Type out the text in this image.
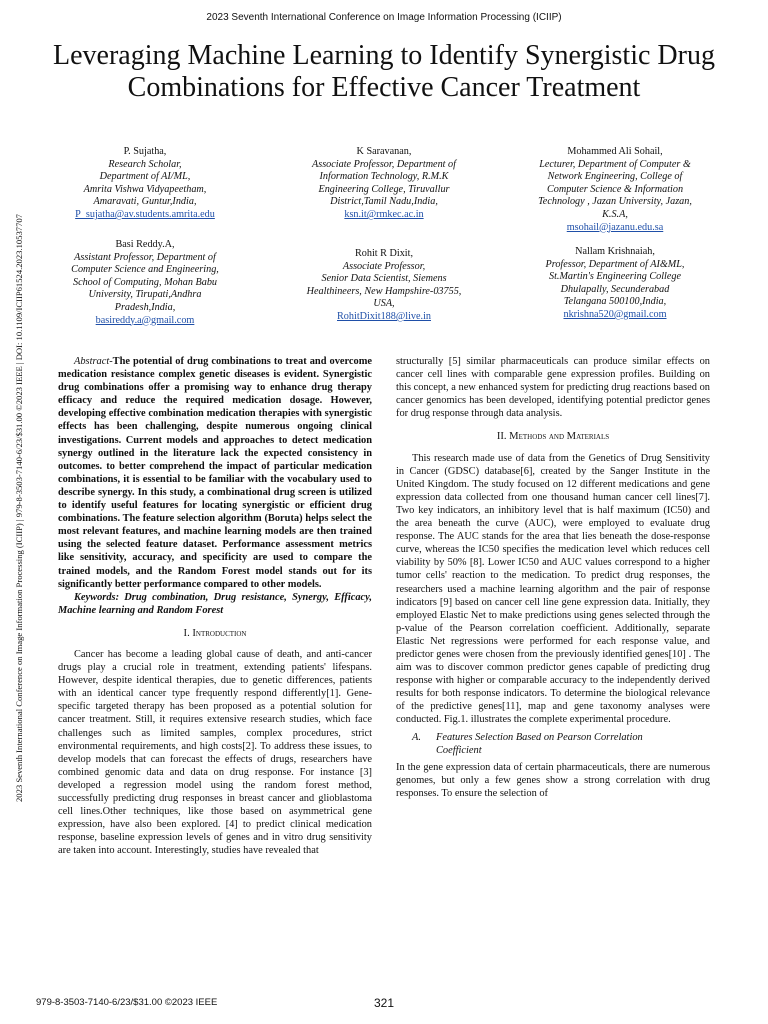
2023 Seventh International Conference on Image Information Processing (ICIIP)
Leveraging Machine Learning to Identify Synergistic Drug Combinations for Effective Cancer Treatment
2023 Seventh International Conference on Image Information Processing (ICIIP) | 979-8-3503-7140-6/23/$31.00 ©2023 IEEE | DOI: 10.1109/ICIIP61524.2023.10537707
P. Sujatha,
Research Scholar,
Department of AI/ML,
Amrita Vishwa Vidyapeetham,
Amaravati, Guntur,India,
P_sujatha@av.students.amrita.edu
K Saravanan,
Associate Professor, Department of
Information Technology, R.M.K
Engineering College, Tiruvallur
District,Tamil Nadu,India,
ksn.it@rmkec.ac.in
Mohammed Ali Sohail,
Lecturer, Department of Computer &
Network Engineering, College of
Computer Science & Information
Technology , Jazan University, Jazan,
K.S.A,
msohail@jazanu.edu.sa
Basi Reddy.A,
Assistant Professor, Department of
Computer Science and Engineering,
School of Computing, Mohan Babu
University, Tirupati,Andhra
Pradesh,India,
basireddy.a@gmail.com
Rohit R Dixit,
Associate Professor,
Senior Data Scientist, Siemens
Healthineers, New Hampshire-03755,
USA,
RohitDixit188@live.in
Nallam Krishnaiah,
Professor, Department of AI&ML,
St.Martin's Engineering College
Dhulapally, Secunderabad
Telangana 500100,India,
nkrishna520@gmail.com

Abstract-The potential of drug combinations to treat and overcome medication resistance complex genetic diseases is evident. Synergistic drug combinations offer a promising way to enhance drug therapy efficacy and reduce the required medication dosage. However, developing effective combination medication therapies with synergistic effects has been challenging, despite numerous ongoing clinical investigations. Current models and approaches to detect medication synergy outlined in the literature lack the expected consistency in outcomes. to better comprehend the impact of particular medication combinations, it is essential to be familiar with the vocabulary used to describe synergy. In this study, a combinational drug screen is utilized to identify useful features for locating synergistic or efficient drug combinations. The feature selection algorithm (Boruta) helps select the most relevant features, and machine learning models are then trained using the selected feature dataset. Performance assessment metrics like sensitivity, accuracy, and specificity are used to compare the trained models, and the Random Forest model stands out for its significantly better performance compared to other models.

Keywords: Drug combination, Drug resistance, Synergy, Efficacy, Machine learning and Random Forest

I. Introduction

Cancer has become a leading global cause of death, and anti-cancer drugs play a crucial role in treatment, extending patients' lifespans. However, despite identical therapies, due to genetic differences, patients with an identical cancer type frequently respond differently[1]. Gene-specific targeted therapy has been proposed as a potential solution for cancer treatment. Still, it requires extensive research studies, which face challenges such as limited samples, complex procedures, strict environmental requirements, and high costs[2]. To address these issues, to develop models that can forecast the effects of drugs, researchers have combined genomic data and data on drug response. For instance [3] developed a regression model using the random forest method, successfully predicting drug responses in breast cancer and glioblastoma cell lines.Other techniques, like those based on asymmetrical gene expression, have also been explored. [4] to predict clinical medication response, baseline expression levels of genes and in vitro drug sensitivity are taken into account. Interestingly, studies have revealed that

structurally [5] similar pharmaceuticals can produce similar effects on cancer cell lines with comparable gene expression profiles. Building on this concept, a new enhanced system for predicting drug reactions based on cancer genomics has been developed, identifying potential predictor genes for drug response through data analysis.

II. Methods and Materials

This research made use of data from the Genetics of Drug Sensitivity in Cancer (GDSC) database[6], created by the Sanger Institute in the United Kingdom. The study focused on 12 different medications and gene expression data collected from one thousand human cancer cell lines[7]. Two key indicators, an inhibitory level that is half maximum (IC50) and the area beneath the curve (AUC), were employed to evaluate drug response. The AUC stands for the area that lies beneath the dose-response curve, whereas the IC50 specifies the medication level which reduces cell viability by 50% [8]. Lower IC50 and AUC values correspond to a higher tumor cells' reaction to the medication. To predict drug responses, the researchers used a machine learning algorithm and the pair of response indicators [9] based on cancer cell line gene expression data. Initially, they employed Elastic Net to make predictions using genes selected through the p-value of the Pearson correlation coefficient. Additionally, separate Elastic Net regressions were performed for each response value, and predictor genes were chosen from the previously identified genes[10] . The aim was to discover common predictor genes capable of predicting drug response with higher or comparable accuracy to the independently derived results for both response indicators. To determine the biological relevance of the predictive genes[11], map and gene taxonomy analyses were conducted. Fig.1. illustrates the complete experimental procedure.

A. Features Selection Based on Pearson Correlation
Coefficient

In the gene expression data of certain pharmaceuticals, there are numerous genomes, but only a few genes show a strong correlation with drug responses. To ensure the selection of

979-8-3503-7140-6/23/$31.00 ©2023 IEEE	321
